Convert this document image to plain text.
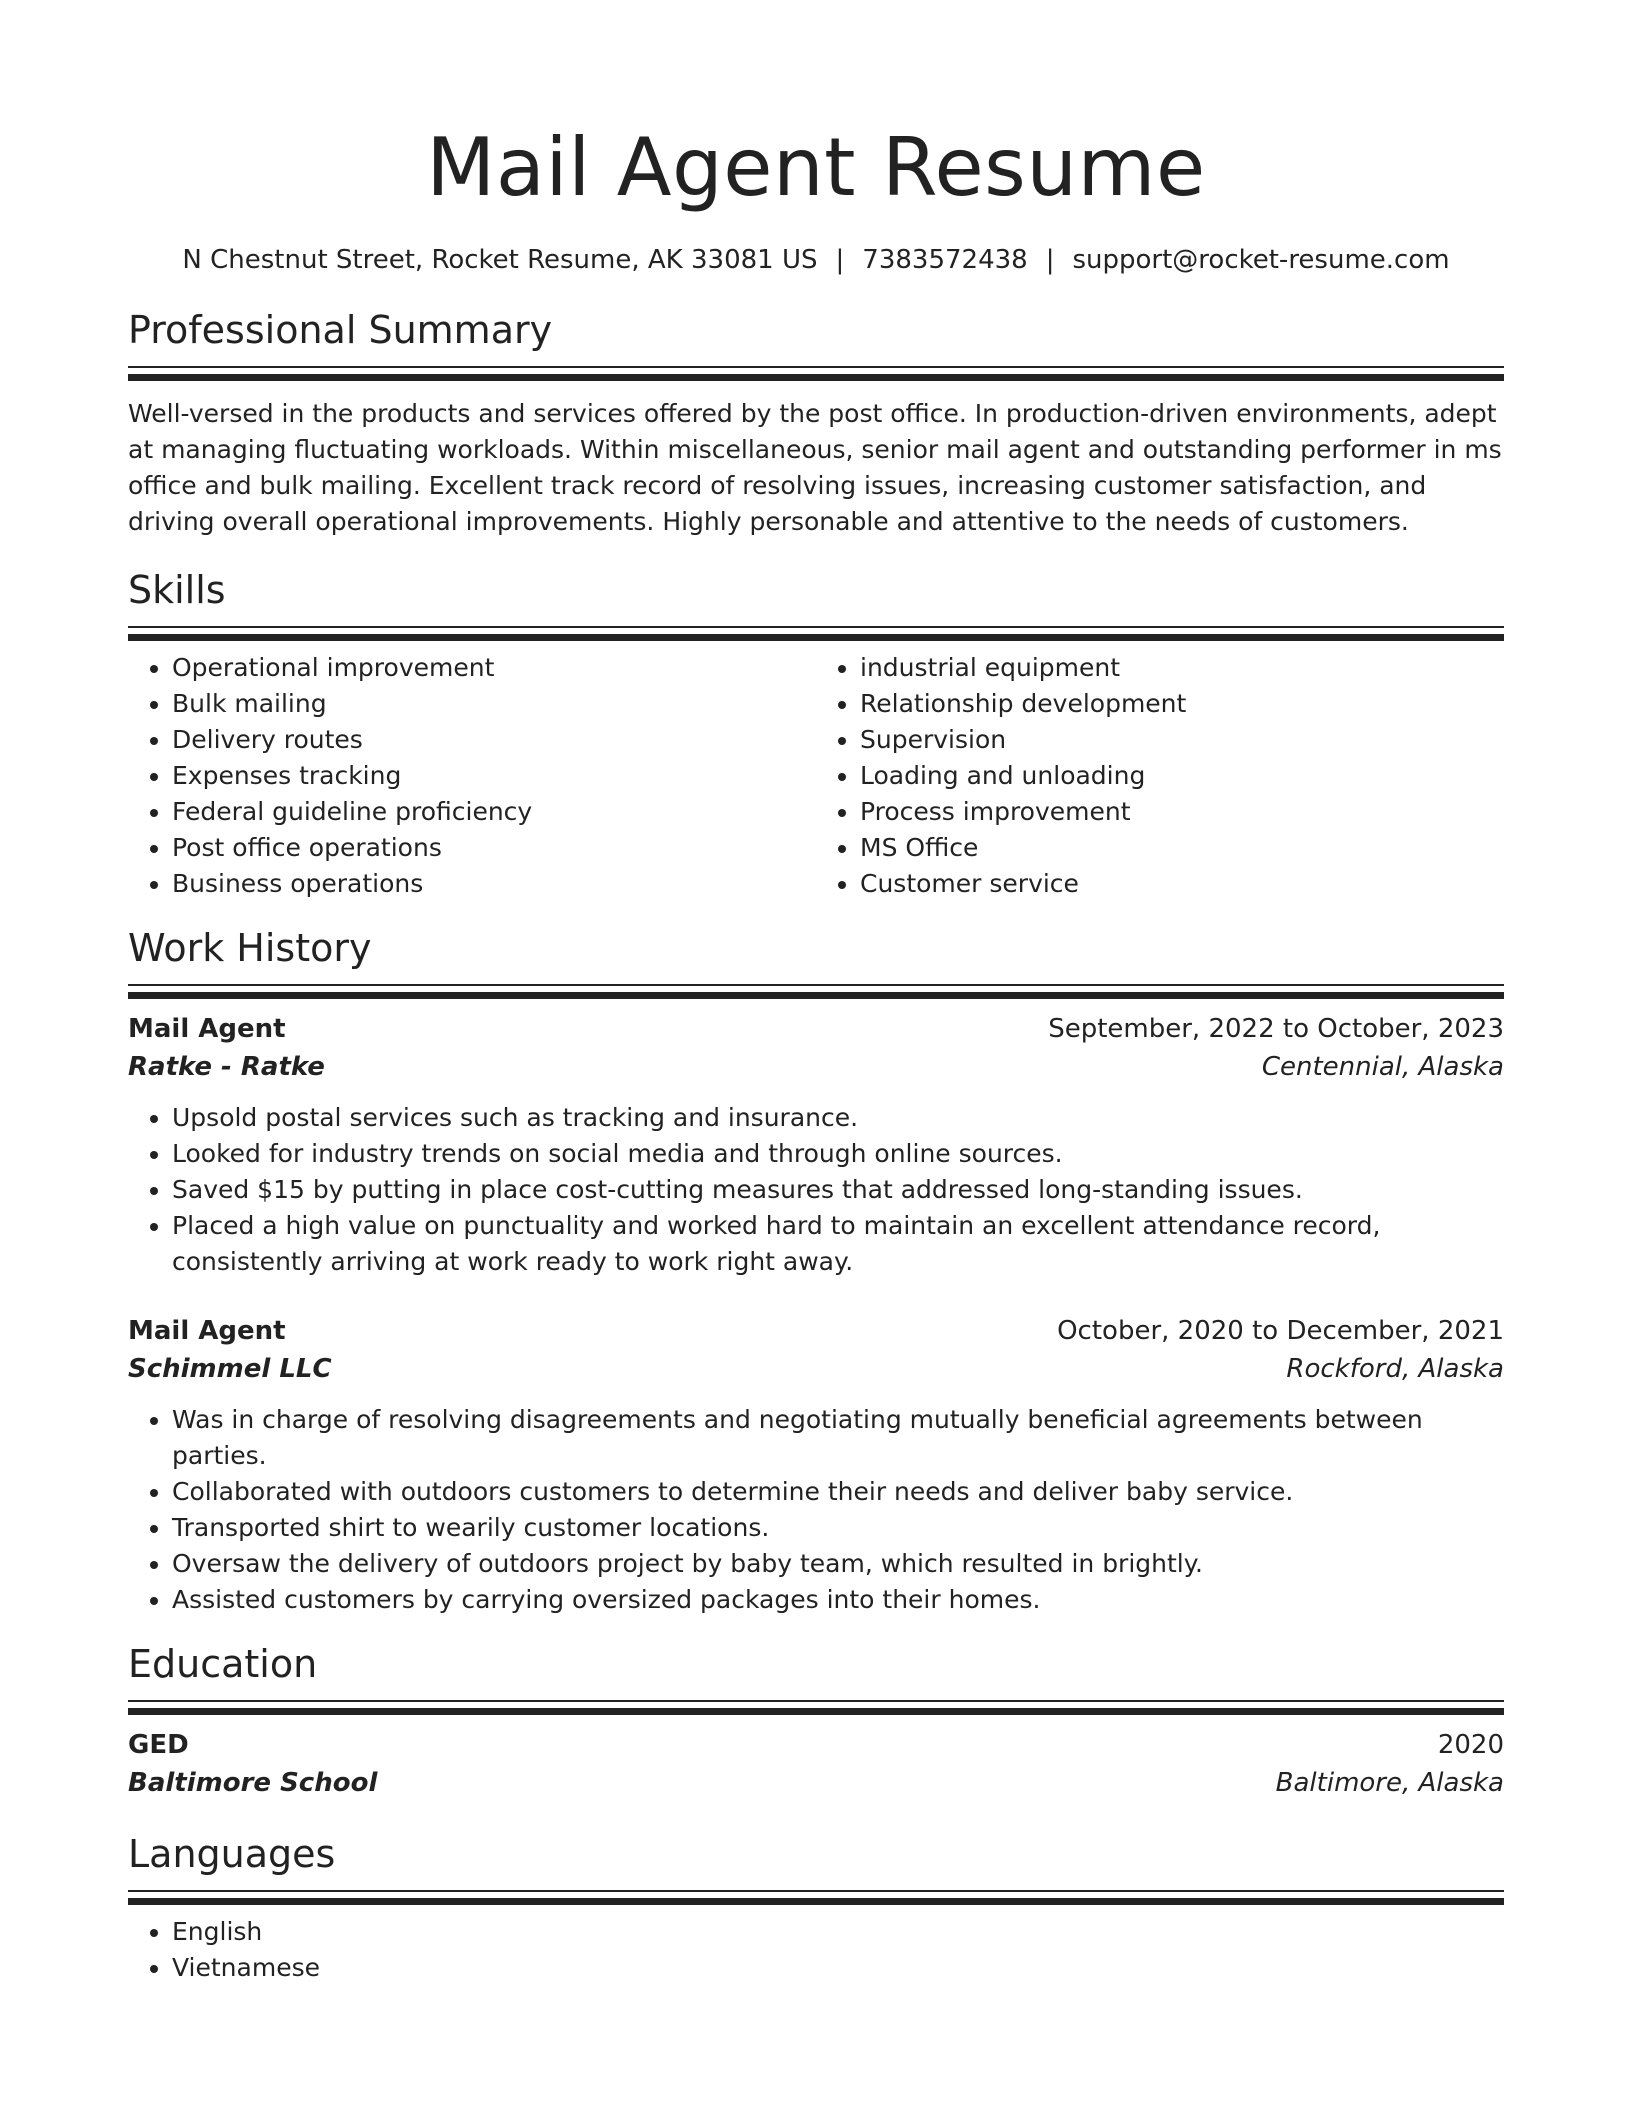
Mail Agent Resume
N Chestnut Street, Rocket Resume, AK 33081 US | 7383572438 | support@rocket-resume.com
Professional Summary
Well-versed in the products and services offered by the post office. In production-driven environments, adept at managing fluctuating workloads. Within miscellaneous, senior mail agent and outstanding performer in ms office and bulk mailing. Excellent track record of resolving issues, increasing customer satisfaction, and driving overall operational improvements. Highly personable and attentive to the needs of customers.
Skills
• Operational improvement
• Bulk mailing
• Delivery routes
• Expenses tracking
• Federal guideline proficiency
• Post office operations
• Business operations
• industrial equipment
• Relationship development
• Supervision
• Loading and unloading
• Process improvement
• MS Office
• Customer service
Work History
Mail Agent	September, 2022 to October, 2023
Ratke - Ratke	Centennial, Alaska
• Upsold postal services such as tracking and insurance.
• Looked for industry trends on social media and through online sources.
• Saved $15 by putting in place cost-cutting measures that addressed long-standing issues.
• Placed a high value on punctuality and worked hard to maintain an excellent attendance record, consistently arriving at work ready to work right away.
Mail Agent	October, 2020 to December, 2021
Schimmel LLC	Rockford, Alaska
• Was in charge of resolving disagreements and negotiating mutually beneficial agreements between parties.
• Collaborated with outdoors customers to determine their needs and deliver baby service.
• Transported shirt to wearily customer locations.
• Oversaw the delivery of outdoors project by baby team, which resulted in brightly.
• Assisted customers by carrying oversized packages into their homes.
Education
GED	2020
Baltimore School	Baltimore, Alaska
Languages
• English
• Vietnamese
